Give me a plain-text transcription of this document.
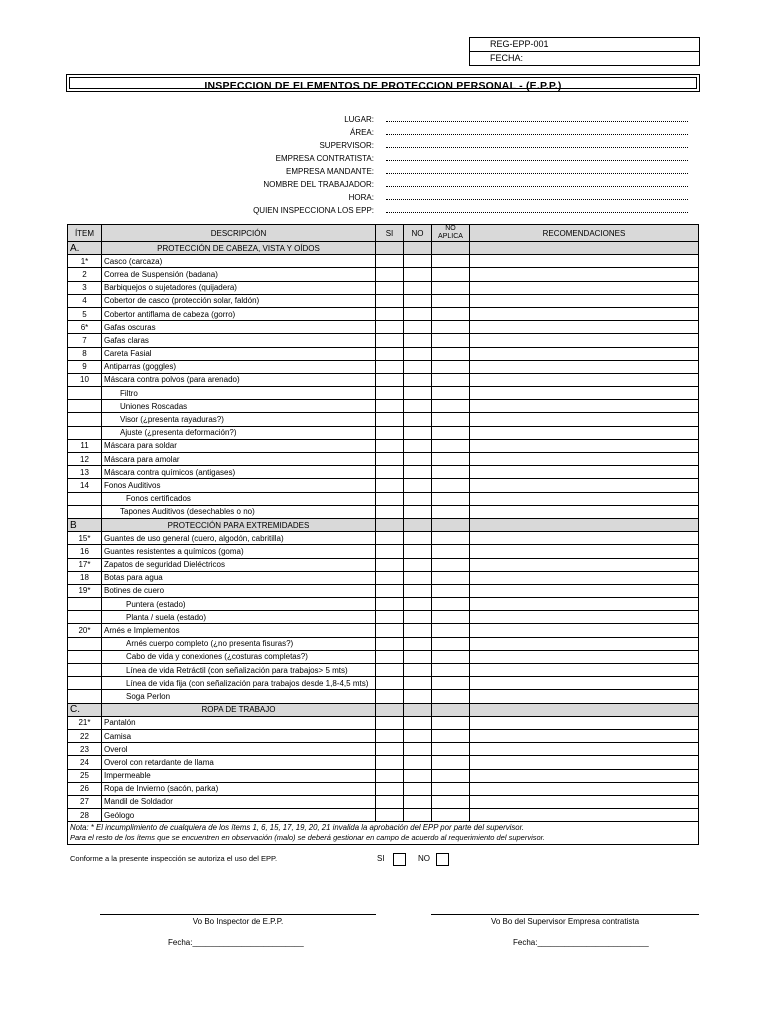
REG-EPP-001
FECHA:
INSPECCION DE ELEMENTOS DE PROTECCION PERSONAL - (E.P.P.)
LUGAR:
ÁREA:
SUPERVISOR:
EMPRESA CONTRATISTA:
EMPRESA MANDANTE:
NOMBRE DEL TRABAJADOR:
HORA:
QUIEN INSPECCIONA LOS EPP:
ÍTEM	DESCRIPCIÓN	SI	NO	NO APLICA	RECOMENDACIONES
A.	PROTECCIÓN DE CABEZA, VISTA Y OÍDOS				
1*	Casco (carcaza)				
2	Correa de Suspensión (badana)				
3	Barbiquejos o sujetadores (quijadera)				
4	Cobertor de casco (protección solar, faldón)				
5	Cobertor antiflama de cabeza (gorro)				
6*	Gafas oscuras				
7	Gafas claras				
8	Careta Fasial				
9	Antiparras (goggles)				
10	Máscara contra polvos (para arenado)				
	Filtro				
	Uniones Roscadas				
	Visor (¿presenta rayaduras?)				
	Ajuste (¿presenta deformación?)				
11	Máscara para soldar				
12	Máscara para amolar				
13	Máscara contra químicos (antigases)				
14	Fonos Auditivos				
	Fonos certificados				
	Tapones Auditivos (desechables o no)				
B	PROTECCIÓN PARA EXTREMIDADES				
15*	Guantes de uso general (cuero, algodón, cabritilla)				
16	Guantes resistentes a químicos (goma)				
17*	Zapatos de seguridad Dieléctricos				
18	Botas para agua				
19*	Botines de cuero				
	Puntera (estado)				
	Planta / suela (estado)				
20*	Arnés e Implementos				
	Arnés cuerpo completo (¿no presenta fisuras?)				
	Cabo de vida y conexiones (¿costuras completas?)				
	Línea de vida Retráctil (con señalización para trabajos> 5 mts)				
	Línea de vida fija (con señalización para trabajos desde 1,8-4,5 mts)				
	Soga Perlon				
C.	ROPA DE TRABAJO				
21*	Pantalón				
22	Camisa				
23	Overol				
24	Overol con retardante de llama				
25	Impermeable				
26	Ropa de Invierno (sacón, parka)				
27	Mandil de Soldador				
28	Geólogo				

Nota: * El incumplimiento de cualquiera de los ítems 1, 6, 15, 17, 19, 20, 21 invalida la aprobación del EPP por parte del supervisor.
Para el resto de los ítems que se encuentren en observación (malo) se deberá gestionar en campo de acuerdo al requerimiento del supervisor.					
Conforme a la presente inspección se autoriza el uso del EPP.	SI	NO
Vo Bo Inspector de E.P.P.
Fecha:_________________________
Vo Bo del Supervisor Empresa contratista
Fecha:_________________________
